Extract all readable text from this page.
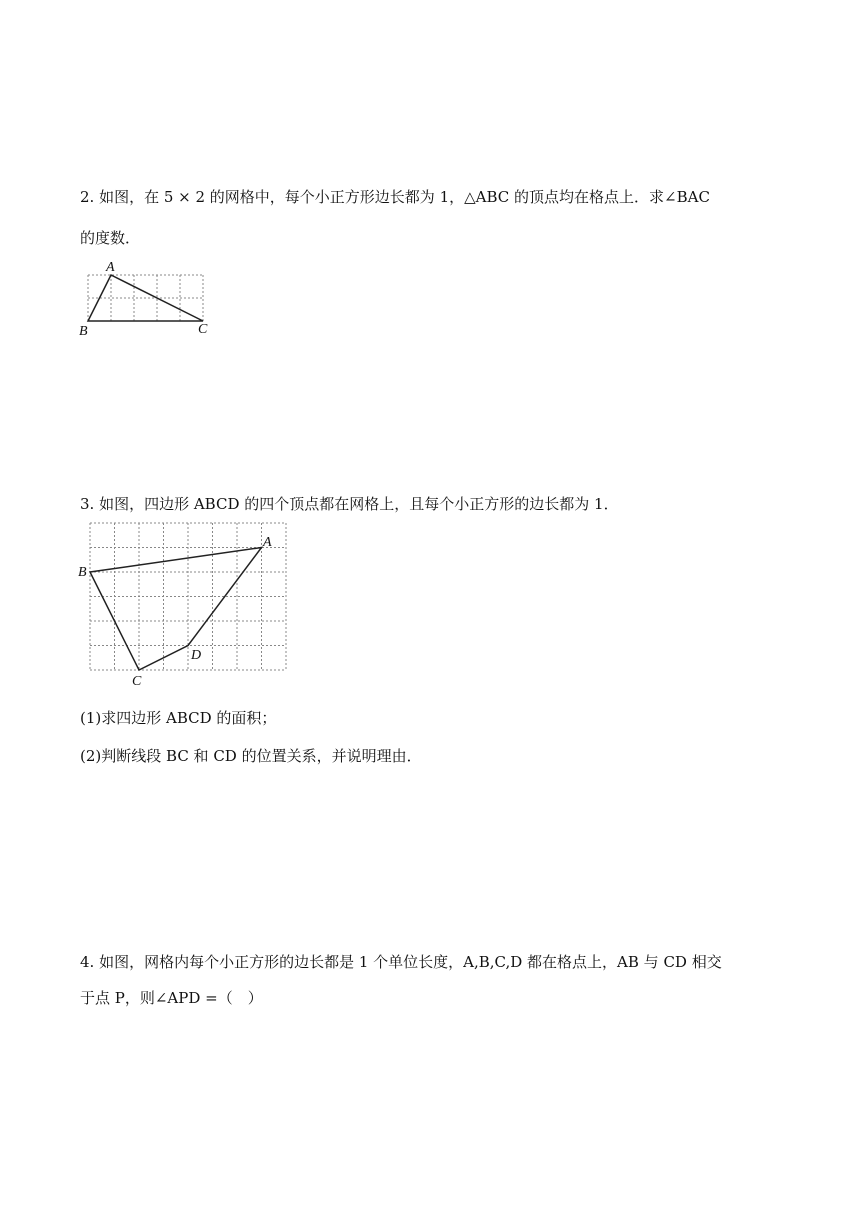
2. 如图，在 5 × 2 的网格中，每个小正方形边长都为 1，△ABC 的顶点均在格点上．求∠BAC
的度数．
A
B	C
3. 如图，四边形 ABCD 的四个顶点都在网格上，且每个小正方形的边长都为 1．
A
B
C
D
(1)求四边形 ABCD 的面积；
(2)判断线段 BC 和 CD 的位置关系，并说明理由．
4. 如图，网格内每个小正方形的边长都是 1 个单位长度，A,B,C,D 都在格点上，AB 与 CD 相交
于点 P，则∠APD =（　）
